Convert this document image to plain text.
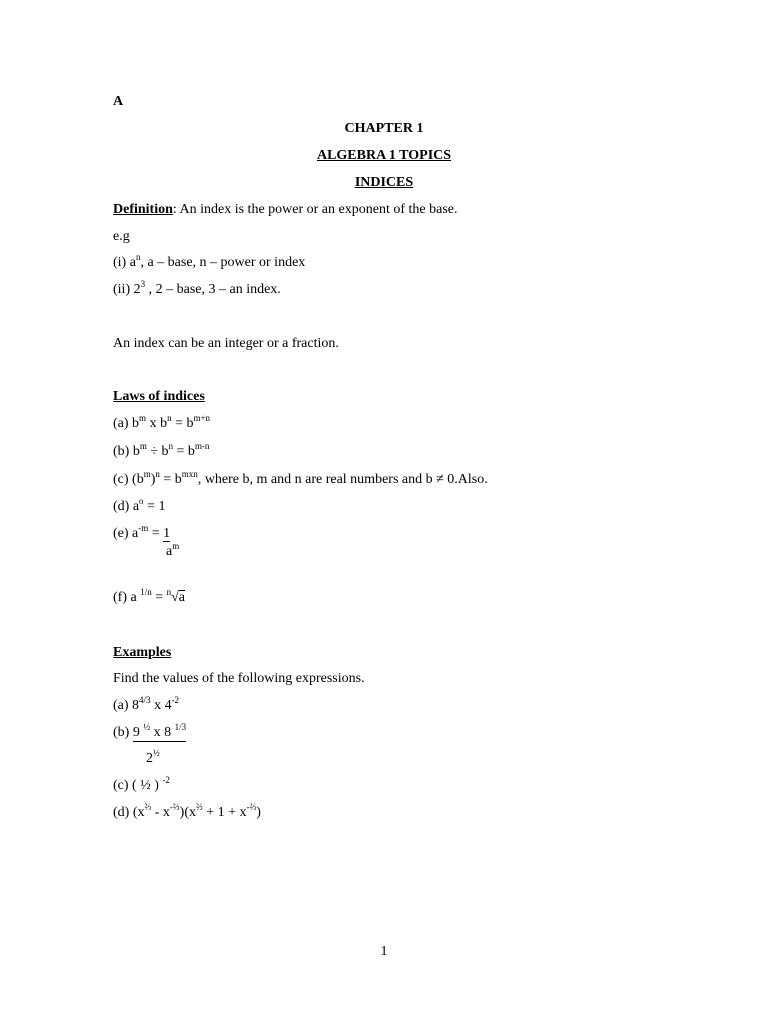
A
CHAPTER 1
ALGEBRA 1 TOPICS
INDICES
Definition: An index is the power or an exponent of the base.
e.g
(i) $a^n$, a – base, n – power or index
(ii) $2^3$ , 2 – base, 3 – an index.
An index can be an integer or a fraction.
Laws of indices
(a) $b^m$ x $b^n = b^{m+n}$
(b) $b^m \div b^n = b^{m-n}$
(c) $(b^m)^n = b^{mxn}$, where b, m and n are real numbers and b ≠ 0.Also.
(d) $a^o = 1$
(e) $a^{-m} = 1$
$a^m$
(f) a $^{1/n}$ = $^n$√a
Examples
Find the values of the following expressions.
(a) $8^{4/3}$ x $4^{-2}$
(b) 9 $^{\frac{1}{2}}$ x 8 $^{1/3}$
$2^{\frac{1}{2}}$
(c) ( ½ ) $^{-2}$
(d) $(x^{\frac{2}{3}} - x^{-\frac{2}{3}})(x^{\frac{2}{3}} + 1 + x^{-\frac{2}{3}})$
1
